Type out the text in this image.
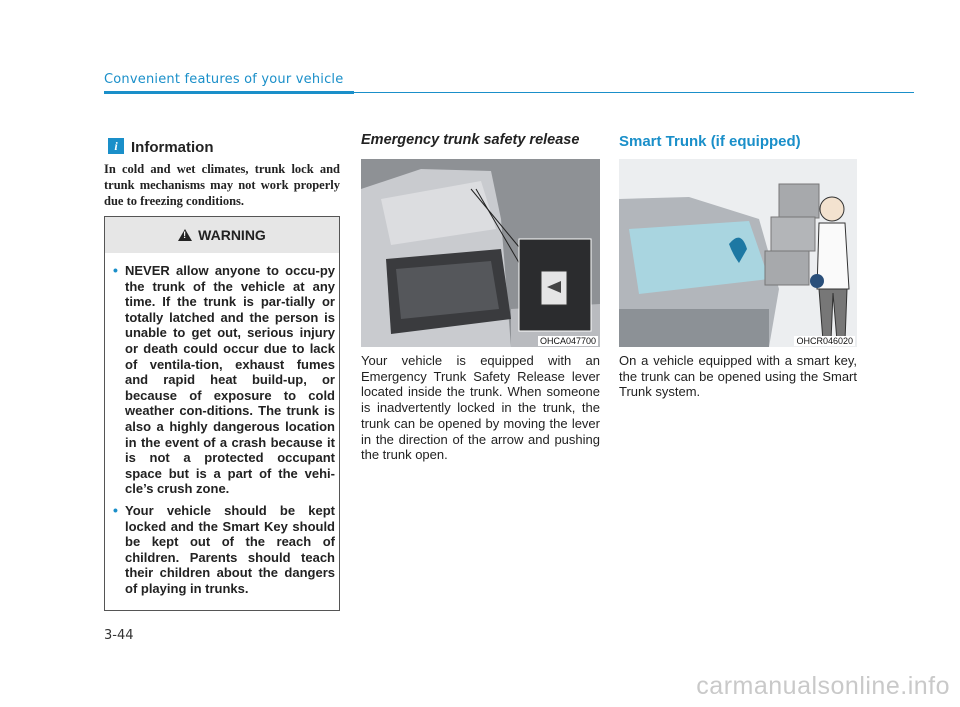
Convenient features of your vehicle
i Information
In cold and wet climates, trunk lock and trunk mechanisms may not work properly due to freezing conditions.
!
WARNING
• NEVER allow anyone to occu-py the trunk of the vehicle at any time. If the trunk is par-tially or totally latched and the person is unable to get out, serious injury or death could occur due to lack of ventila-tion, exhaust fumes and rapid heat build-up, or because of exposure to cold weather con-ditions. The trunk is also a highly dangerous location in the event of a crash because it is not a protected occupant space but is a part of the vehi-cle’s crush zone.
• Your vehicle should be kept locked and the Smart Key should be kept out of the reach of children. Parents should teach their children about the dangers of playing in trunks.
Emergency trunk safety release
OHCA047700
Your vehicle is equipped with an Emergency Trunk Safety Release lever located inside the trunk. When someone is inadvertently locked in the trunk, the trunk can be opened by moving the lever in the direction of the arrow and pushing the trunk open.
Smart Trunk (if equipped)
OHCR046020
On a vehicle equipped with a smart key, the trunk can be opened using the Smart Trunk system.
3-44
carmanualsonline.info
